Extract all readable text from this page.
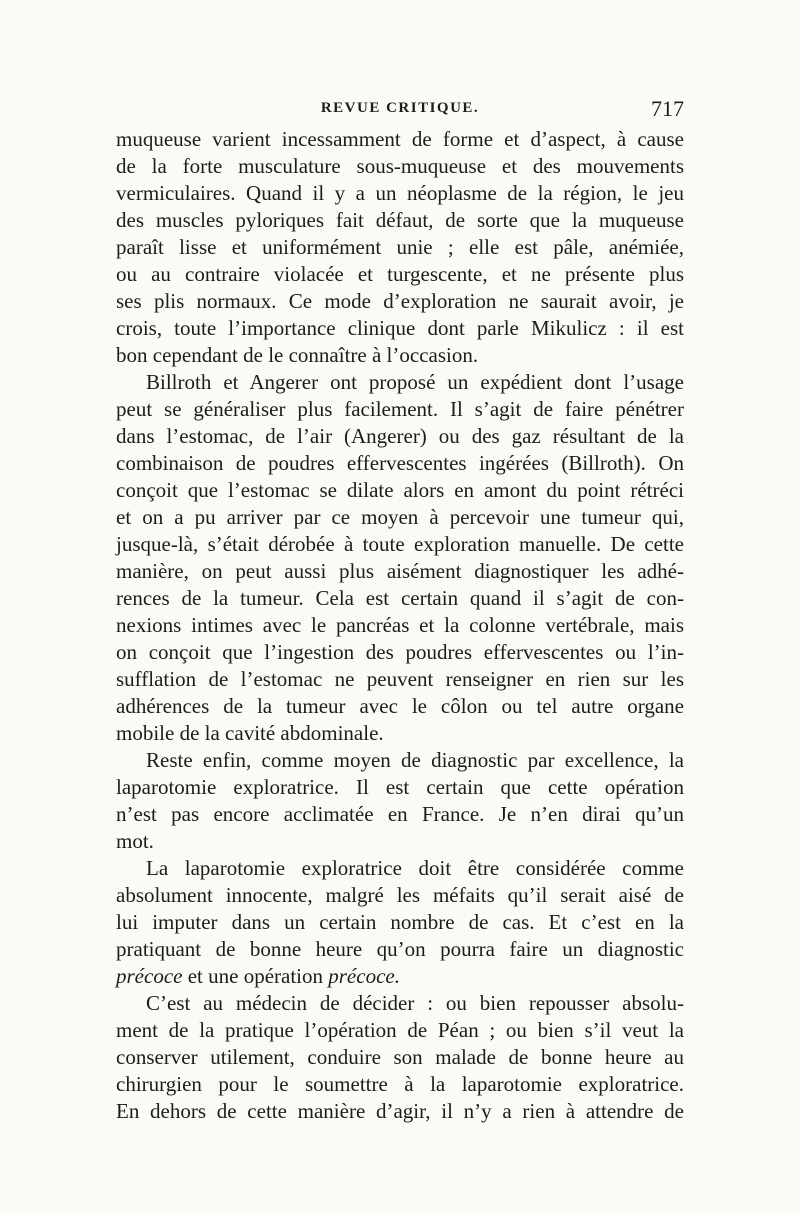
REVUE CRITIQUE.	717
muqueuse varient incessamment de forme et d’aspect, à cause
de la forte musculature sous-muqueuse et des mouvements
vermiculaires. Quand il y a un néoplasme de la région, le jeu
des muscles pyloriques fait défaut, de sorte que la muqueuse
paraît lisse et uniformément unie ; elle est pâle, anémiée,
ou au contraire violacée et turgescente, et ne présente plus
ses plis normaux. Ce mode d’exploration ne saurait avoir, je
crois, toute l’importance clinique dont parle Mikulicz : il est
bon cependant de le connaître à l’occasion.
Billroth et Angerer ont proposé un expédient dont l’usage
peut se généraliser plus facilement. Il s’agit de faire pénétrer
dans l’estomac, de l’air (Angerer) ou des gaz résultant de la
combinaison de poudres effervescentes ingérées (Billroth). On
conçoit que l’estomac se dilate alors en amont du point rétréci
et on a pu arriver par ce moyen à percevoir une tumeur qui,
jusque-là, s’était dérobée à toute exploration manuelle. De cette
manière, on peut aussi plus aisément diagnostiquer les adhé-
rences de la tumeur. Cela est certain quand il s’agit de con-
nexions intimes avec le pancréas et la colonne vertébrale, mais
on conçoit que l’ingestion des poudres effervescentes ou l’in-
sufflation de l’estomac ne peuvent renseigner en rien sur les
adhérences de la tumeur avec le côlon ou tel autre organe
mobile de la cavité abdominale.
Reste enfin, comme moyen de diagnostic par excellence, la
laparotomie exploratrice. Il est certain que cette opération
n’est pas encore acclimatée en France. Je n’en dirai qu’un
mot.
La laparotomie exploratrice doit être considérée comme
absolument innocente, malgré les méfaits qu’il serait aisé de
lui imputer dans un certain nombre de cas. Et c’est en la
pratiquant de bonne heure qu’on pourra faire un diagnostic
précoce et une opération précoce.
C’est au médecin de décider : ou bien repousser absolu-
ment de la pratique l’opération de Péan ; ou bien s’il veut la
conserver utilement, conduire son malade de bonne heure au
chirurgien pour le soumettre à la laparotomie exploratrice.
En dehors de cette manière d’agir, il n’y a rien à attendre de
